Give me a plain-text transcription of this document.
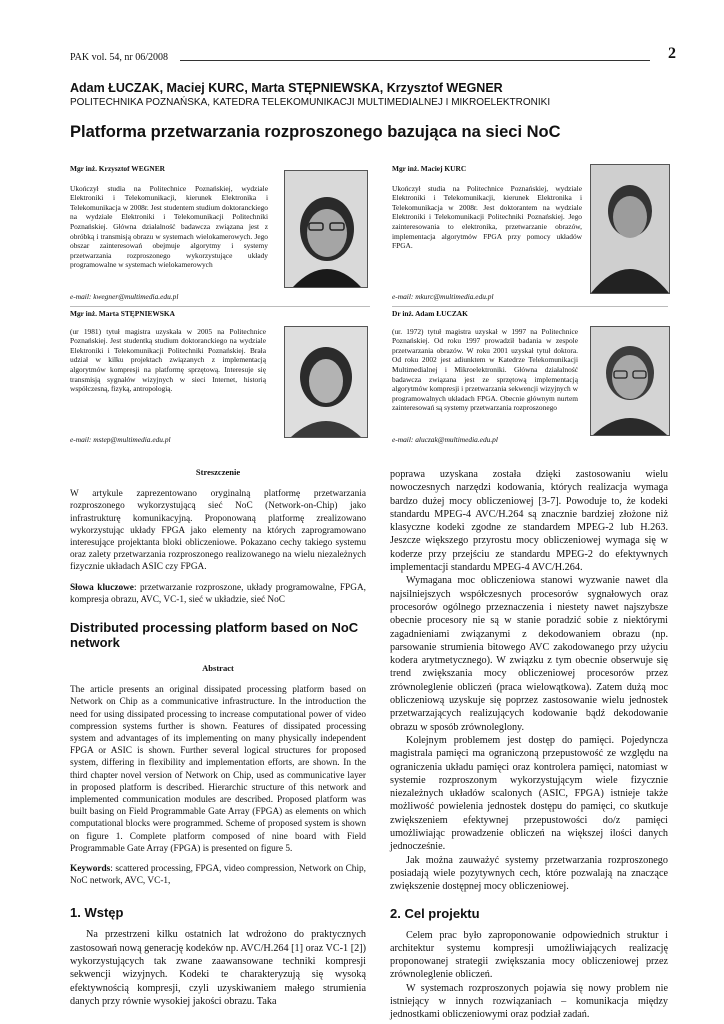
PAK vol. 54, nr 06/2008	2
Adam ŁUCZAK, Maciej KURC, Marta STĘPNIEWSKA, Krzysztof WEGNER
POLITECHNIKA POZNAŃSKA, KATEDRA TELEKOMUNIKACJI MULTIMEDIALNEJ I MIKROELEKTRONIKI
Platforma przetwarzania rozproszonego bazująca na sieci NoC
Mgr inż. Krzysztof WEGNER
Ukończył studia na Politechnice Poznańskiej, wydziale Elektroniki i Telekomunikacji, kierunek Elektronika i Telekomunikacja w 2008r. Jest studentem studium doktoranckiego na wydziale Elektroniki i Telekomunikacji Politechniki Poznańskiej. Główna działalność badawcza związana jest z obróbką i transmisją obrazu w systemach wielokamerowych. Jego obszar zainteresowań obejmuje algorytmy i systemy przetwarzania rozproszonego wykorzystujące układy programowalne w systemach wielokamerowych
e-mail: kwegner@multimedia.edu.pl
Mgr inż. Maciej KURC
Ukończył studia na Politechnice Poznańskiej, wydziale Elektroniki i Telekomunikacji, kierunek Elektronika i Telekomunikacja w 2008r. Jest doktorantem na wydziale Elektroniki i Telekomunikacji Politechniki Poznańskiej. Jego zainteresowania to elektronika, przetwarzanie obrazów, implementacja algorytmów FPGA przy pomocy układów FPGA.
e-mail: mkurc@multimedia.edu.pl
Mgr inż. Marta STĘPNIEWSKA
(ur 1981) tytuł magistra uzyskała w 2005 na Politechnice Poznańskiej. Jest studentką studium doktoranckiego na wydziale Elektroniki i Telekomunikacji Politechniki Poznańskiej. Brała udział w kilku projektach związanych z implementacją algorytmów kompresji na platformę sprzętową. Interesuje się transmisją sygnałów wizyjnych w sieci Internet, historią współczesną, fizyką, antropologią.
e-mail: mstep@multimedia.edu.pl
Dr inż. Adam ŁUCZAK
(ur. 1972) tytuł magistra uzyskał w 1997 na Politechnice Poznańskiej. Od roku 1997 prowadził badania w zespole przetwarzania obrazów. W roku 2001 uzyskał tytuł doktora. Od roku 2002 jest adiunktem w Katedrze Telekomunikacji Multimedialnej i Mikroelektroniki. Główna działalność badawcza związana jest ze sprzętową implementacją algorytmów kompresji i przetwarzania sekwencji wizyjnych w programowalnych układach FPGA. Obecnie głównym nurtem zainteresowań są systemy przetwarzania rozproszonego
Streszczenie

W artykule zaprezentowano oryginalną platformę przetwarzania rozproszonego wykorzystującą sieć NoC (Network-on-Chip) jako infrastrukturę komunikacyjną. Proponowaną platformę zrealizowano wykorzystując układy FPGA jako elementy na których zaprogramowano interesujące projektanta bloki obliczeniowe. Pokazano cechy takiego systemu oraz zalety przetwarzania rozproszonego realizowanego na wielu niezależnych fizycznie układach ASIC czy FPGA.

Słowa kluczowe: przetwarzanie rozproszone, układy programowalne, FPGA, kompresja obrazu, AVC, VC-1, sieć w układzie, sieć NoC

Distributed processing platform based on NoC network
Abstract

The article presents an original dissipated processing platform based on Network on Chip as a communicative infrastructure. In the introduction the need for using dissipated processing to increase computational power of video compression systems further is shown. Features of dissipated processing system and advantages of its implementing on many physically independent FPGA or ASIC is shown. Further several logical structures for proposed system, differing in flexibility and implementation efforts, are shown. In the third chapter novel version of Network on Chip, used as communicative layer in proposed platform is described. Hierarchic structure of this network and implemented communication modules are described. Proposed platform was built basing on Field Programmable Gate Array (FPGA) as elements on which computational blocks were programmed. Scheme of proposed system is shown on figure 1. Complete platform composed of nine board with Field Programmable Gate Array (FPGA) is presented on figure 5.

Keywords: scattered processing, FPGA, video compression, Network on Chip, NoC network, AVC, VC-1,

1. Wstęp

Na przestrzeni kilku ostatnich lat wdrożono do praktycznych zastosowań nową generację kodeków np. AVC/H.264 [1] oraz VC-1 [2]) wykorzystujących tak zwane zaawansowane techniki kompresji sekwencji wizyjnych. Kodeki te charakteryzują się wysoką efektywnością kompresji, czyli uzyskiwaniem małego strumienia danych przy równie wysokiej jakości obrazu. Taka

poprawa uzyskana została dzięki zastosowaniu wielu nowoczesnych narzędzi kodowania, których realizacja wymaga bardzo dużej mocy obliczeniowej [3-7]. Powoduje to, że kodeki standardu MPEG-4 AVC/H.264 są znacznie bardziej złożone niż klasyczne kodeki zgodne ze standardem MPEG-2 lub H.263. Jeszcze większego przyrostu mocy obliczeniowej wymaga się w koderze przy przejściu ze standardu MPEG-2 do efektywnych implementacji standardu MPEG-4 AVC/H.264.

Wymagana moc obliczeniowa stanowi wyzwanie nawet dla najsilniejszych współczesnych procesorów sygnałowych oraz procesorów ogólnego przeznaczenia i niestety nawet najszybsze obecnie procesory nie są w stanie poradzić sobie z niektórymi zagadnieniami związanymi z dekodowaniem obrazu (np. parsowanie strumienia bitowego AVC zakodowanego przy użyciu kodera arytmetycznego). W związku z tym obecnie obserwuje się trend zwiększania mocy obliczeniowej procesorów przez zrównoleglenie obliczeń (praca wielowątkowa). Zatem dużą moc obliczeniową uzyskuje się poprzez zastosowanie wielu jednostek przetwarzających realizujących kodowanie bądź dekodowanie obrazu w sposób zrównoleglony.

Kolejnym problemem jest dostęp do pamięci. Pojedyncza magistrala pamięci ma ograniczoną przepustowość ze względu na ograniczenia układu pamięci oraz kontrolera pamięci, natomiast w systemie rozproszonym wykorzystującym wiele fizycznie niezależnych układów scalonych (ASIC, FPGA) istnieje także możliwość powielenia jednostek dostępu do pamięci, co skutkuje zwiększeniem efektywnej przepustowości do/z pamięci umożliwiając prowadzenie obliczeń na większej ilości danych jednocześnie.

Jak można zauważyć systemy przetwarzania rozproszonego posiadają wiele pozytywnych cech, które pozwalają na znaczące zwiększenie dostępnej mocy obliczeniowej.

2. Cel projektu

Celem prac było zaproponowanie odpowiednich struktur i architektur systemu kompresji umożliwiających realizację proponowanej strategii zwiększania mocy obliczeniowej przez zrównoleglenie obliczeń.

W systemach rozproszonych pojawia się nowy problem nie istniejący w innych rozwiązaniach – komunikacja między jednostkami obliczeniowymi oraz podział zadań.

e-mail: aluczak@multimedia.edu.pl
